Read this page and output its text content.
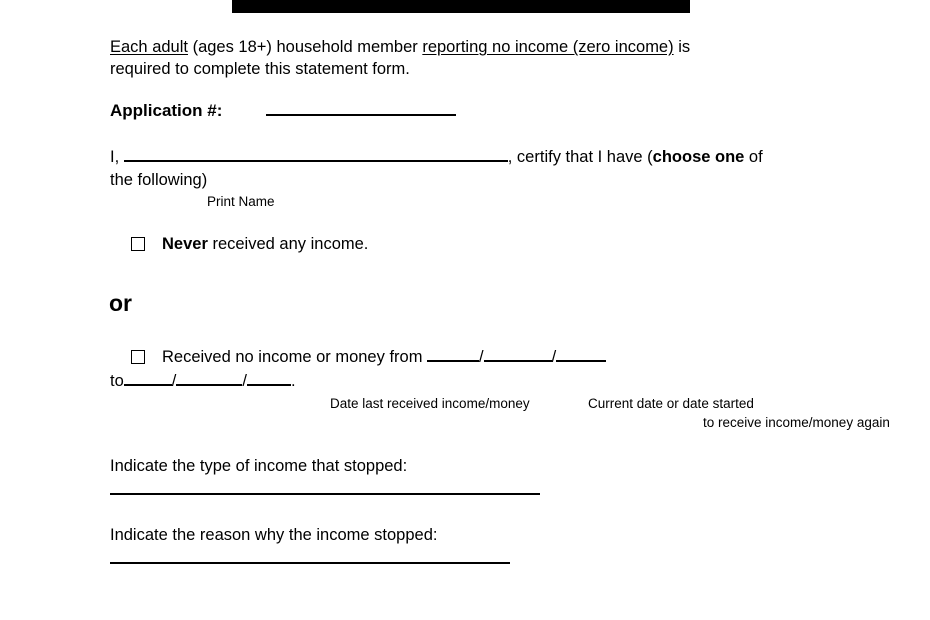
Each adult (ages 18+) household member reporting no income (zero income) is
required to complete this statement form.
Application #:
I,	, certify that I have (choose one of
the following)
Print Name
Never received any income.
or
Received no income or money from	/	/
to	/	/	.
Date last received income/money	Current date or date started
to receive income/money again
Indicate the type of income that stopped:
Indicate the reason why the income stopped:
